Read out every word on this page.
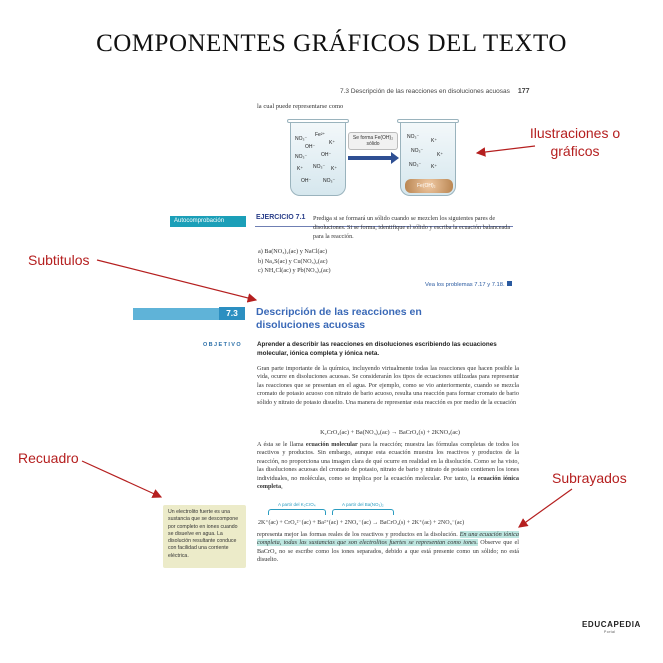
COMPONENTES GRÁFICOS DEL TEXTO
7.3 Descripción de las reacciones en disoluciones acuosas 177
la cual puede representarse como
NO₃⁻
Fe²⁺
OH⁻
K⁺
NO₃⁻	OH⁻
K⁺ NO₃⁻ K⁺
OH⁻ NO₃⁻
Se forma Fe(OH)₂ sólido
NO₃⁻
K⁺
NO₃⁻
K⁺
NO₃⁻ K⁺
Fe(OH)₂
Autocomprobación	EJERCICIO 7.1 Prediga si se formará un sólido cuando se mezclen los siguientes pares de disoluciones. Si se forma, identifique el sólido y escriba la ecuación balanceada para la reacción.
a) Ba(NO₃)₂(ac) y NaCl(ac)
b) Na₂S(ac) y Cu(NO₃)₂(ac)
c) NH₄Cl(ac) y Pb(NO₃)₂(ac)
Vea los problemas 7.17 y 7.18.
7.3	Descripción de las reacciones en disoluciones acuosas
OBJETIVO Aprender a describir las reacciones en disoluciones escribiendo las ecuaciones molecular, iónica completa y iónica neta.
Gran parte importante de la química, incluyendo virtualmente todas las reacciones que hacen posible la vida, ocurre en disoluciones acuosas. Se considerarán los tipos de ecuaciones utilizadas para representar las reacciones que se presentan en el agua. Por ejemplo, como se vio anteriormente, cuando se mezcla cromato de potasio acuoso con nitrato de bario acuoso, resulta una reacción para formar cromato de bario sólido y nitrato de potasio disuelto. Una manera de representar esta reacción es por medio de la ecuación
K₂CrO₄(ac) + Ba(NO₃)₂(ac) → BaCrO₄(s) + 2KNO₃(ac)
A ésta se le llama ecuación molecular para la reacción; muestra las fórmulas completas de todos los reactivos y productos. Sin embargo, aunque esta ecuación muestra los reactivos y productos de la reacción, no proporciona una imagen clara de qué ocurre en realidad en la disolución. Como se ha visto, las disoluciones acuosas del cromato de potasio, nitrato de bario y nitrato de potasio contienen los iones individuales, no moléculas, como se implica por la ecuación molecular. Por tanto, la ecuación iónica completa,
A partir del K₂CrO₄	A partir del Ba(NO₃)₂
2K⁺(ac) + CrO₄²⁻(ac) + Ba²⁺(ac) + 2NO₃⁻(ac) → BaCrO₄(s) + 2K⁺(ac) + 2NO₃⁻(ac)
representa mejor las formas reales de los reactivos y productos en la disolución. En una ecuación iónica completa, todas las sustancias que son electrolitos fuertes se representan como iones. Observe que el BaCrO₄ no se escribe como los iones separados, debido a que está presente como un sólido; no está disuelto.
Un electrolito fuerte es una sustancia que se descompone por completo en iones cuando se disuelve en agua. La disolución resultante conduce con facilidad una corriente eléctrica.
Ilustraciones o gráficos
Subtitulos
Recuadro
Subrayados
EDUCAPEDIA
Portal
